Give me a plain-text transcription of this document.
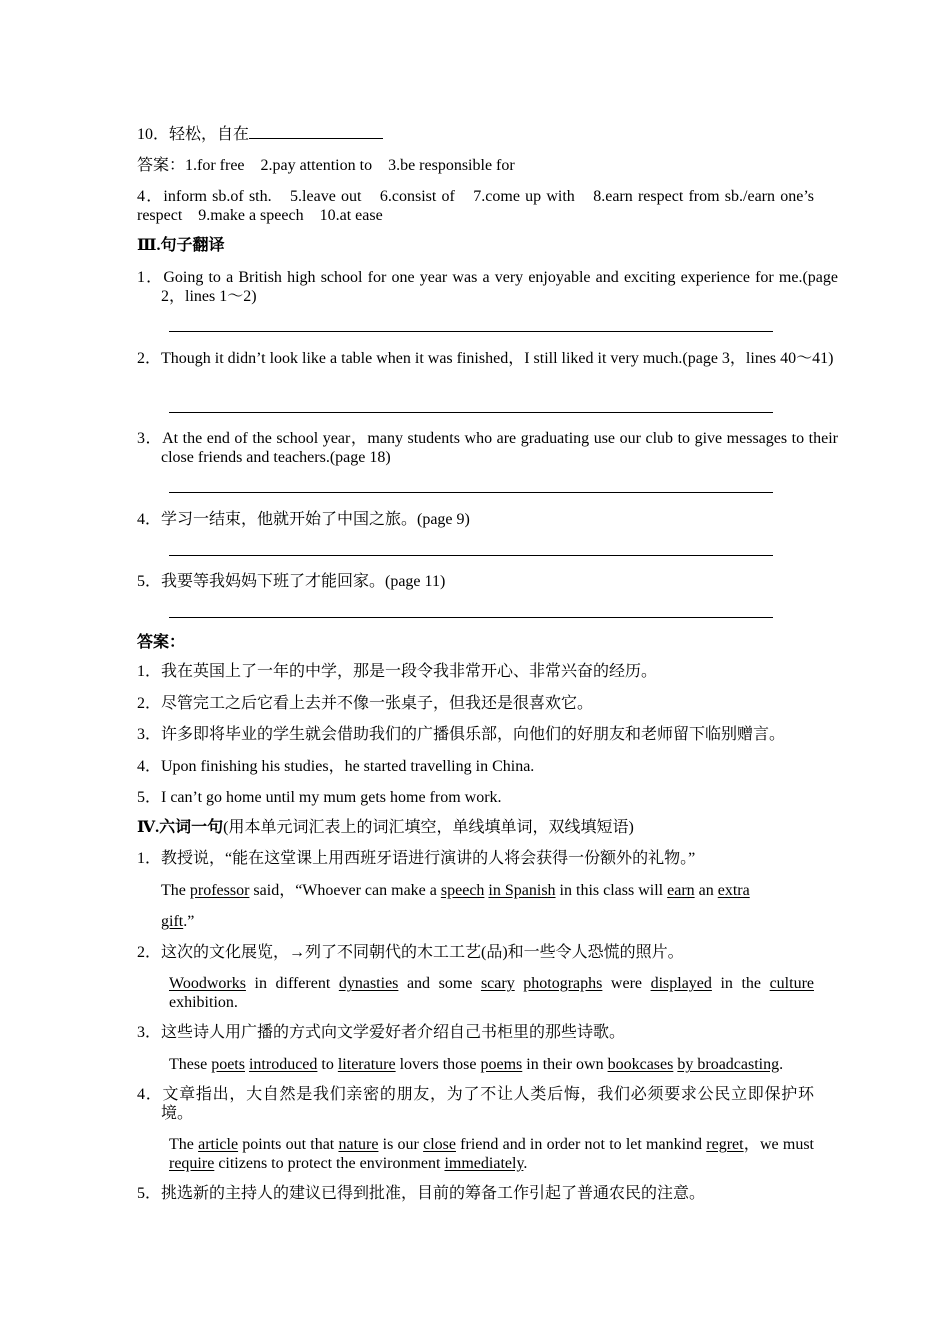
10．轻松，自在
答案：1.for free　2.pay attention to　3.be responsible for
4．inform sb.of sth.　5.leave out　6.consist of　7.come up with　8.earn respect from sb./earn one’s respect　9.make a speech　10.at ease
Ⅲ.句子翻译
1．Going to a British high school for one year was a very enjoyable and exciting experience for me.(page 2，lines 1～2)
2．Though it didn’t look like a table when it was finished，I still liked it very much.(page 3，lines 40～41)
3．At the end of the school year，many students who are graduating use our club to give messages to their close friends and teachers.(page 18)
4．学习一结束，他就开始了中国之旅。(page 9)
5．我要等我妈妈下班了才能回家。(page 11)
答案：
1．我在英国上了一年的中学，那是一段令我非常开心、非常兴奋的经历。
2．尽管完工之后它看上去并不像一张桌子，但我还是很喜欢它。
3．许多即将毕业的学生就会借助我们的广播俱乐部，向他们的好朋友和老师留下临别赠言。
4．Upon finishing his studies，he started travelling in China.
5．I can’t go home until my mum gets home from work.
Ⅳ.六词一句(用本单元词汇表上的词汇填空，单线填单词，双线填短语)
1．教授说，“能在这堂课上用西班牙语进行演讲的人将会获得一份额外的礼物。”
The professor said，“Whoever can make a speech in Spanish in this class will earn an extra
gift.”
2．这次的文化展览，→列了不同朝代的木工工艺(品)和一些令人恐慌的照片。
Woodworks in different dynasties and some scary photographs were displayed in the culture exhibition.
3．这些诗人用广播的方式向文学爱好者介绍自己书柜里的那些诗歌。
These poets introduced to literature lovers those poems in their own bookcases by broadcasting.
4．文章指出，大自然是我们亲密的朋友，为了不让人类后悔，我们必须要求公民立即保护环境。
The article points out that nature is our close friend and in order not to let mankind regret，we must require citizens to protect the environment immediately.
5．挑选新的主持人的建议已得到批准，目前的筹备工作引起了普通农民的注意。
